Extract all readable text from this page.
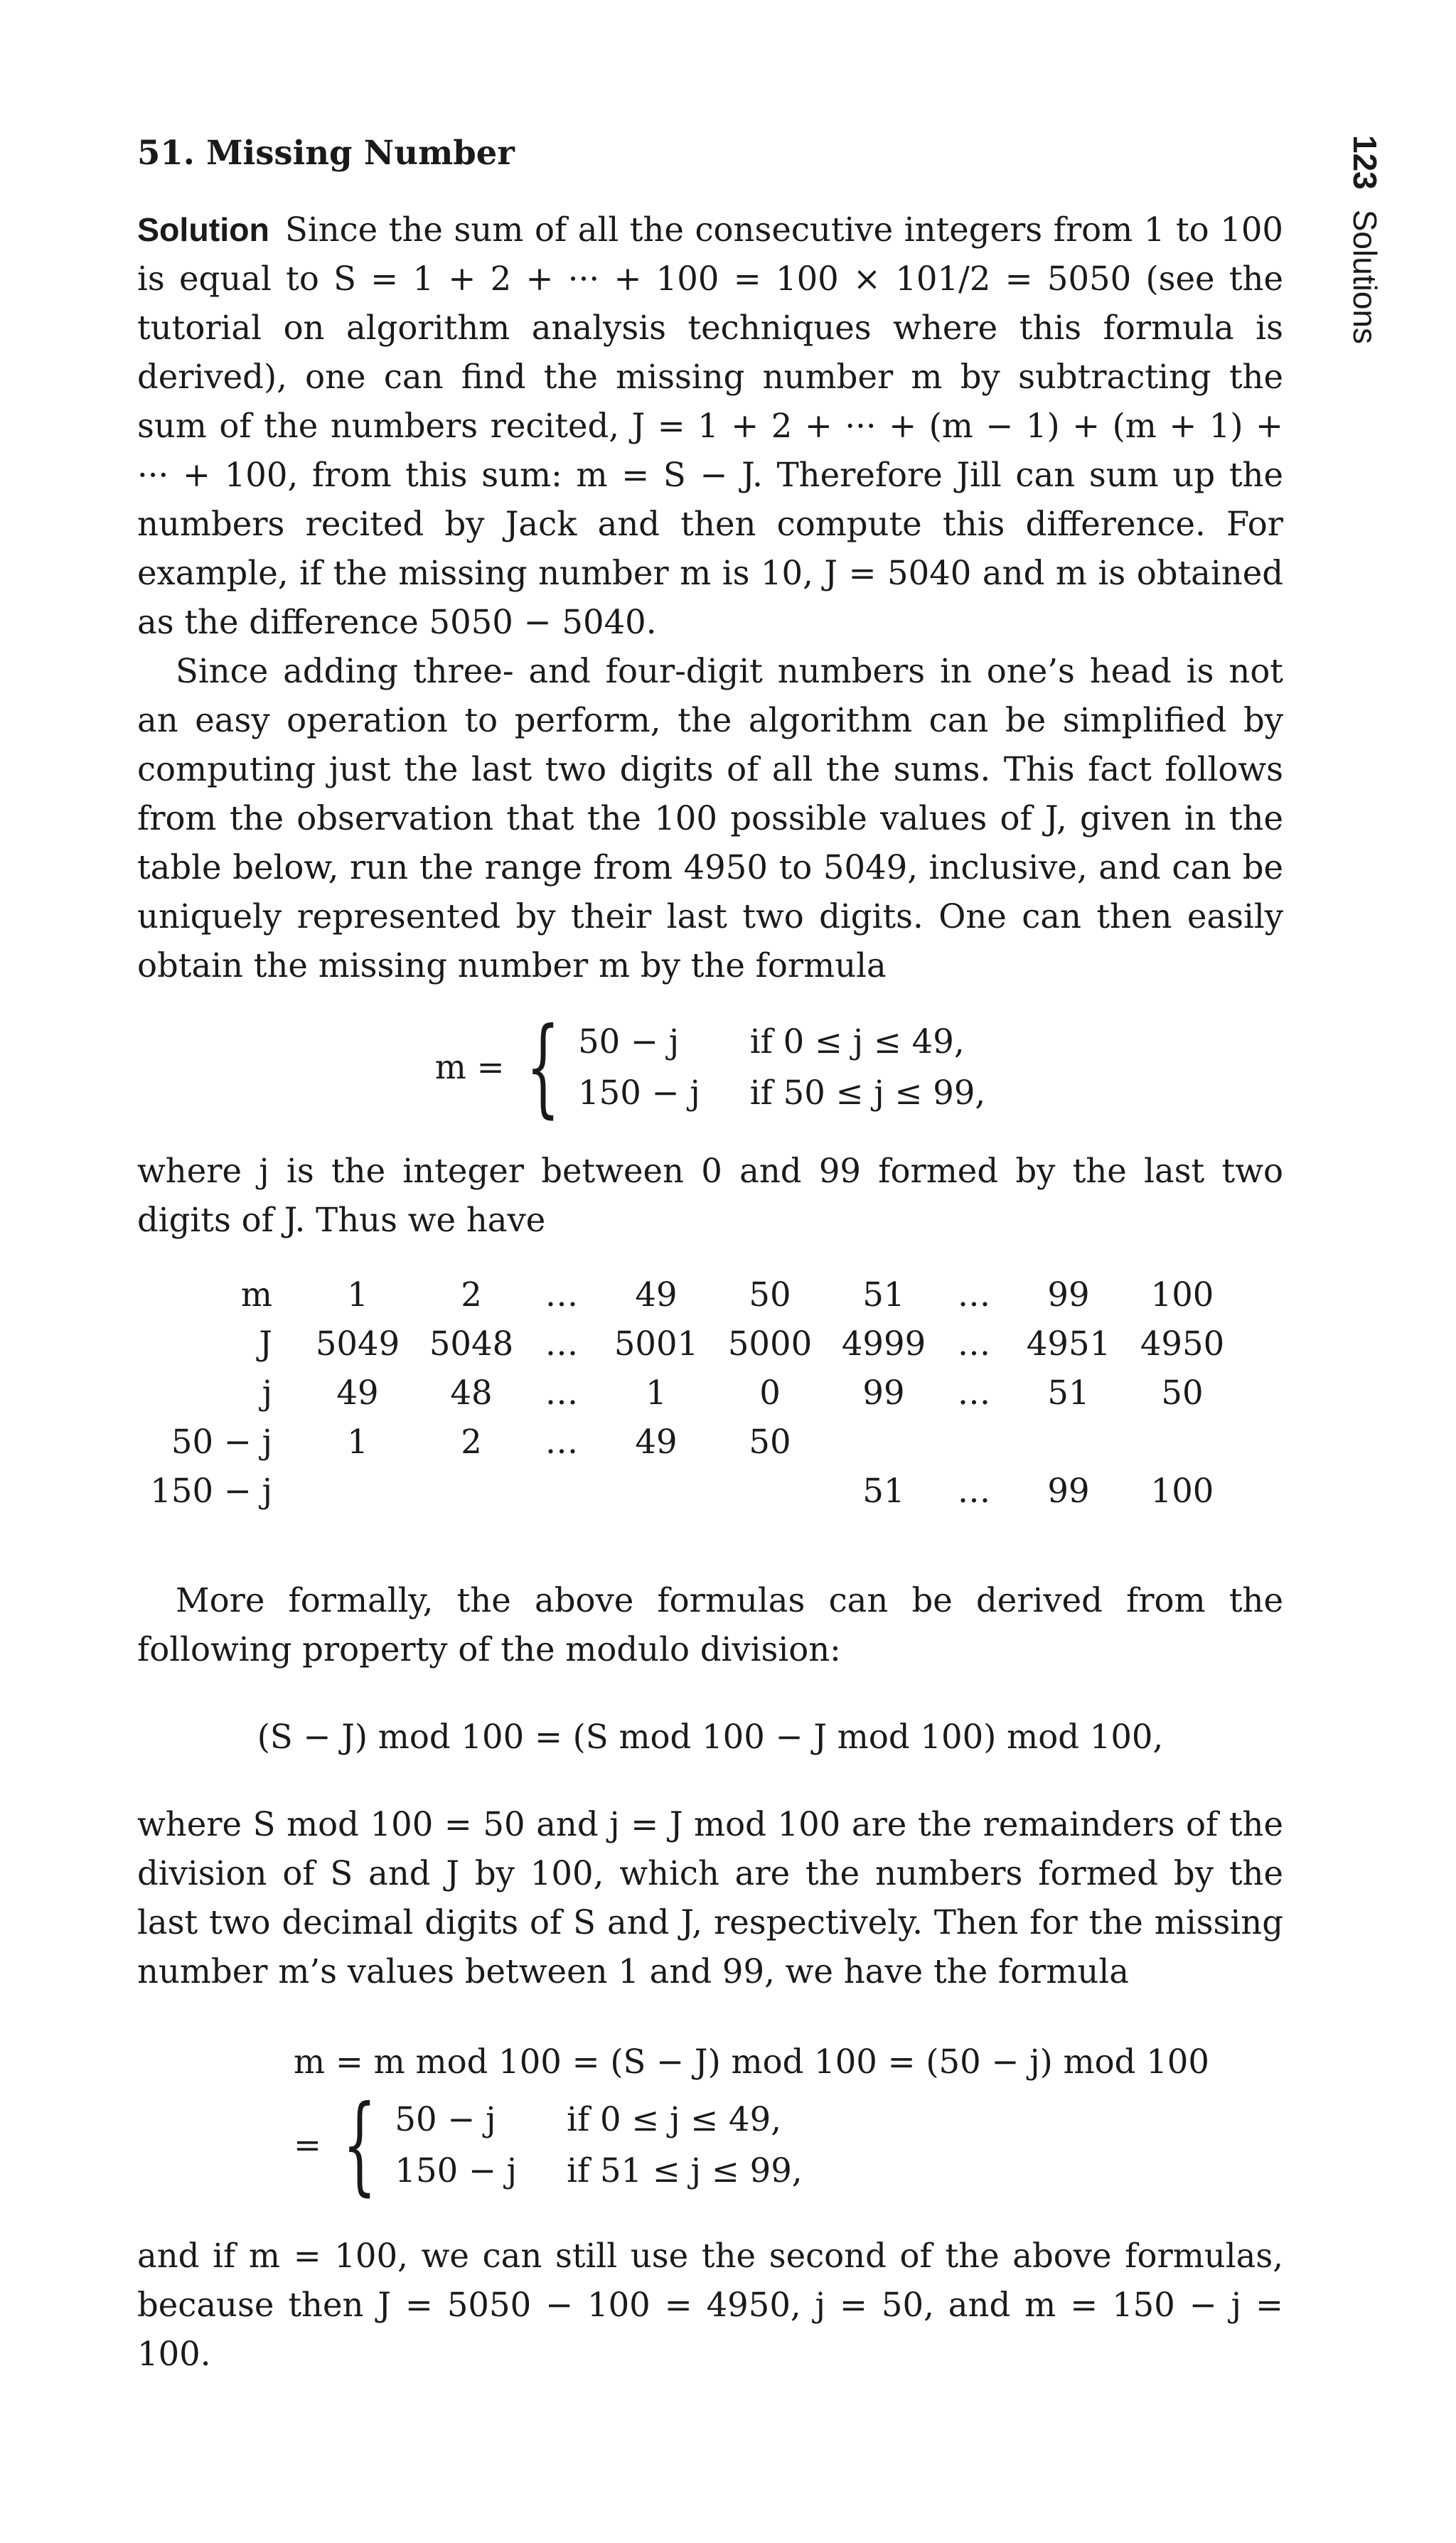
123
Solutions
51. Missing Number

Solution Since the sum of all the consecutive integers from 1 to 100 is equal to S = 1 + 2 + ··· + 100 = 100 × 101/2 = 5050 (see the tutorial on algorithm analysis techniques where this formula is derived), one can find the missing number m by subtracting the sum of the numbers recited, J = 1 + 2 + ··· + (m − 1) + (m + 1) + ··· + 100, from this sum: m = S − J. Therefore Jill can sum up the numbers recited by Jack and then compute this difference. For example, if the missing number m is 10, J = 5040 and m is obtained as the difference 5050 − 5040.

Since adding three- and four-digit numbers in one’s head is not an easy operation to perform, the algorithm can be simplified by computing just the last two digits of all the sums. This fact follows from the observation that the 100 possible values of J, given in the table below, run the range from 4950 to 5049, inclusive, and can be uniquely represented by their last two digits. One can then easily obtain the missing number m by the formula

m = { 50 − j	if 0 ≤ j ≤ 49,
150 − j if 50 ≤ j ≤ 99,

where j is the integer between 0 and 99 formed by the last two digits of J. Thus we have

m	1	2	…	49	50	51	…	99	100
J	5049	5048	…	5001	5000	4999	…	4951	4950
j	49	48	…	1	0	99	…	51	50
50 − j	1	2	…	49	50				
150 − j						51	…	99	100

More formally, the above formulas can be derived from the following property of the modulo division:

(S − J) mod 100 = (S mod 100 − J mod 100) mod 100,

where S mod 100 = 50 and j = J mod 100 are the remainders of the division of S and J by 100, which are the numbers formed by the last two decimal digits of S and J, respectively. Then for the missing number m’s values between 1 and 99, we have the formula

m = m mod 100 = (S − J) mod 100 = (50 − j) mod 100
= { 50 − j	if 0 ≤ j ≤ 49,
150 − j if 51 ≤ j ≤ 99,

and if m = 100, we can still use the second of the above formulas, because then J = 5050 − 100 = 4950, j = 50, and m = 150 − j = 100.
